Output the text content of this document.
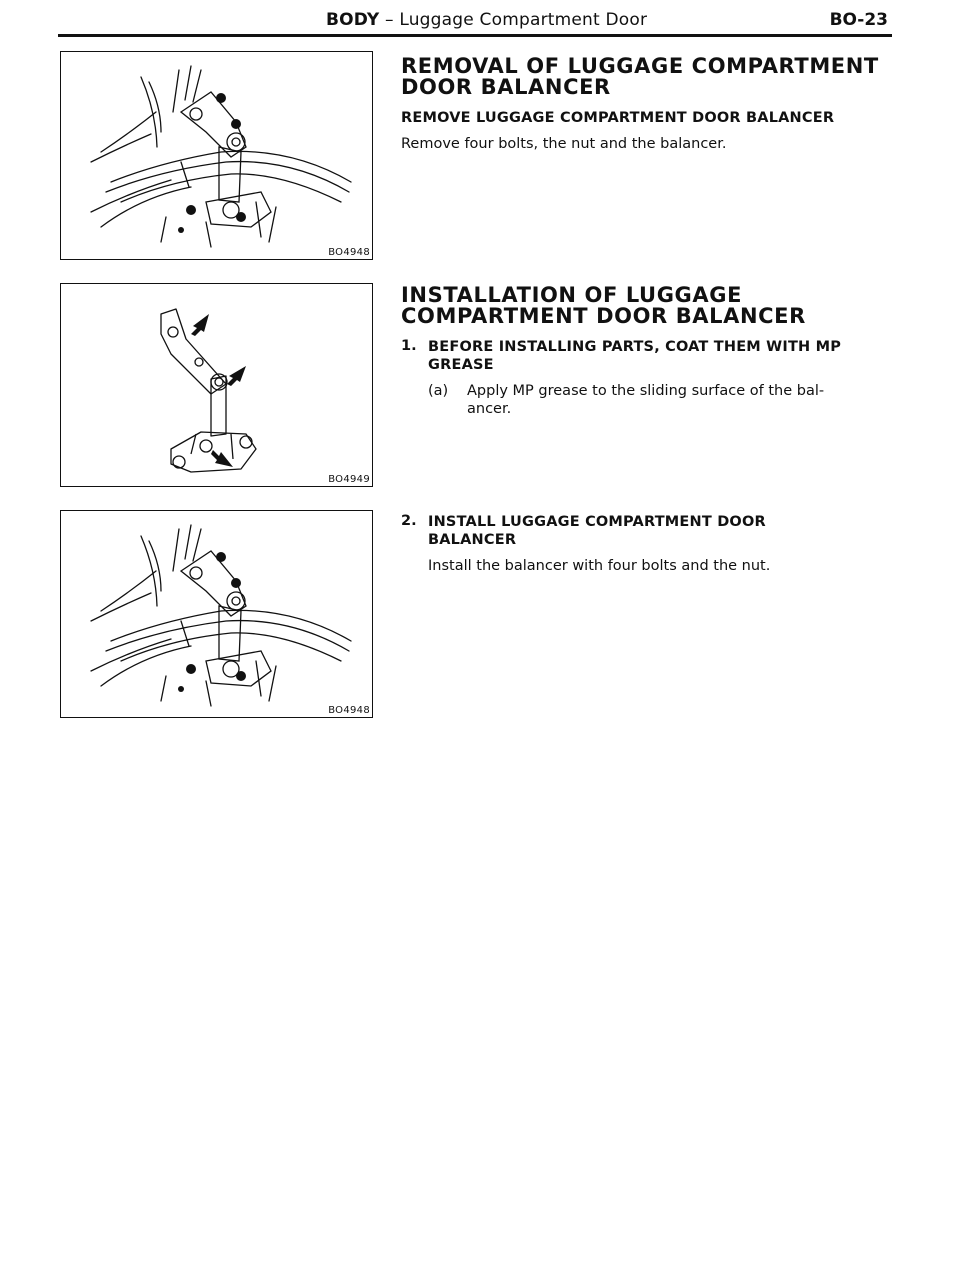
BODY – Luggage Compartment Door	BO-23
BO4948
BO4949
BO4948
REMOVAL OF LUGGAGE COMPARTMENT
DOOR BALANCER
REMOVE LUGGAGE COMPARTMENT DOOR BALANCER
Remove four bolts, the nut and the balancer.
INSTALLATION OF LUGGAGE
COMPARTMENT DOOR BALANCER
1. BEFORE INSTALLING PARTS, COAT THEM WITH MP
GREASE
(a) Apply MP grease to the sliding surface of the bal-
ancer.
2. INSTALL LUGGAGE COMPARTMENT DOOR
BALANCER
Install the balancer with four bolts and the nut.
